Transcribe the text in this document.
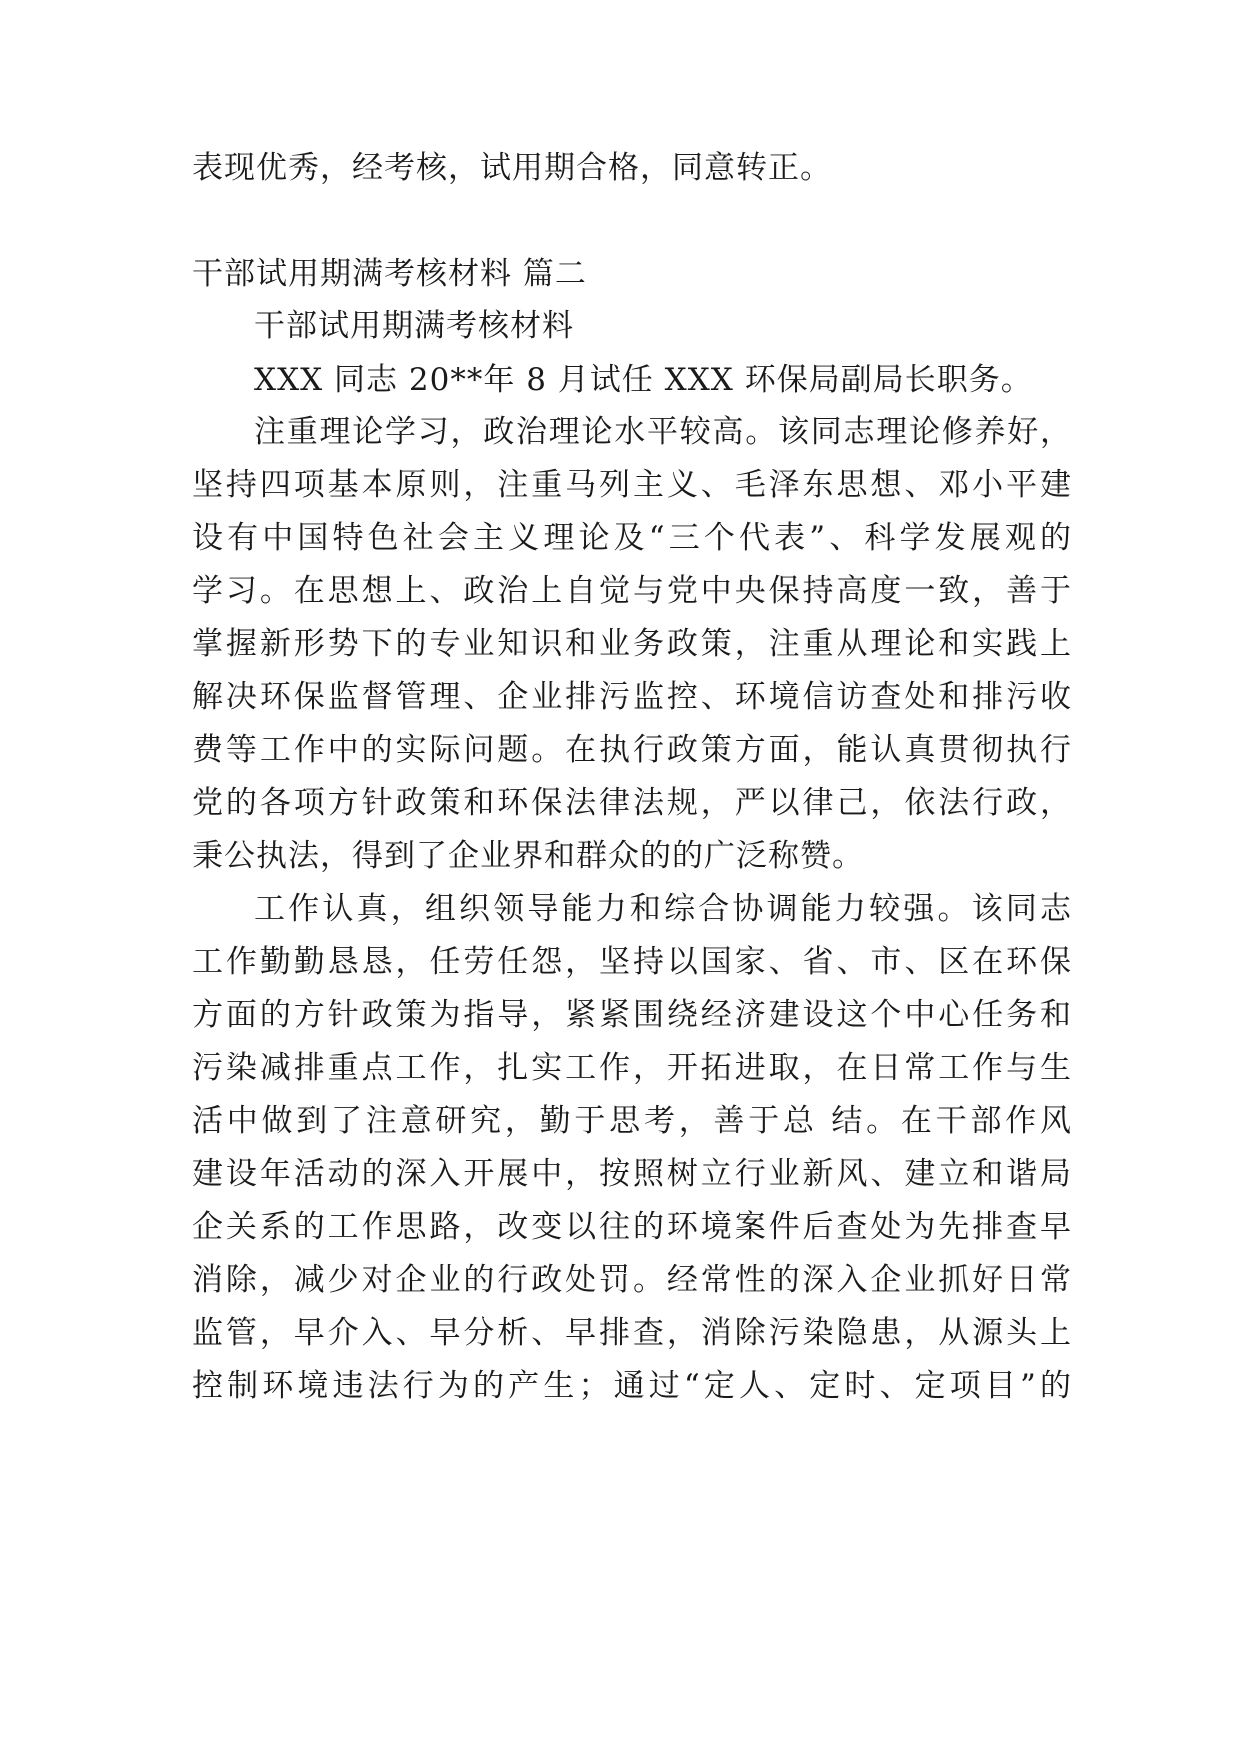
表现优秀，经考核，试用期合格，同意转正。
干部试用期满考核材料 篇二
干部试用期满考核材料
XXX 同志 20**年 8 月试任 XXX 环保局副局长职务。
注重理论学习，政治理论水平较高。该同志理论修养好，
坚持四项基本原则，注重马列主义、毛泽东思想、邓小平建
设有中国特色社会主义理论及“三个代表”、科学发展观的
学习。在思想上、政治上自觉与党中央保持高度一致，善于
掌握新形势下的专业知识和业务政策，注重从理论和实践上
解决环保监督管理、企业排污监控、环境信访查处和排污收
费等工作中的实际问题。在执行政策方面，能认真贯彻执行
党的各项方针政策和环保法律法规，严以律己，依法行政，
秉公执法，得到了企业界和群众的的广泛称赞。
工作认真，组织领导能力和综合协调能力较强。该同志
工作勤勤恳恳，任劳任怨，坚持以国家、省、市、区在环保
方面的方针政策为指导，紧紧围绕经济建设这个中心任务和
污染减排重点工作，扎实工作，开拓进取，在日常工作与生
活中做到了注意研究，勤于思考，善于总 结。在干部作风
建设年活动的深入开展中，按照树立行业新风、建立和谐局
企关系的工作思路，改变以往的环境案件后查处为先排查早
消除，减少对企业的行政处罚。经常性的深入企业抓好日常
监管，早介入、早分析、早排查，消除污染隐患，从源头上
控制环境违法行为的产生；通过“定人、定时、定项目”的
